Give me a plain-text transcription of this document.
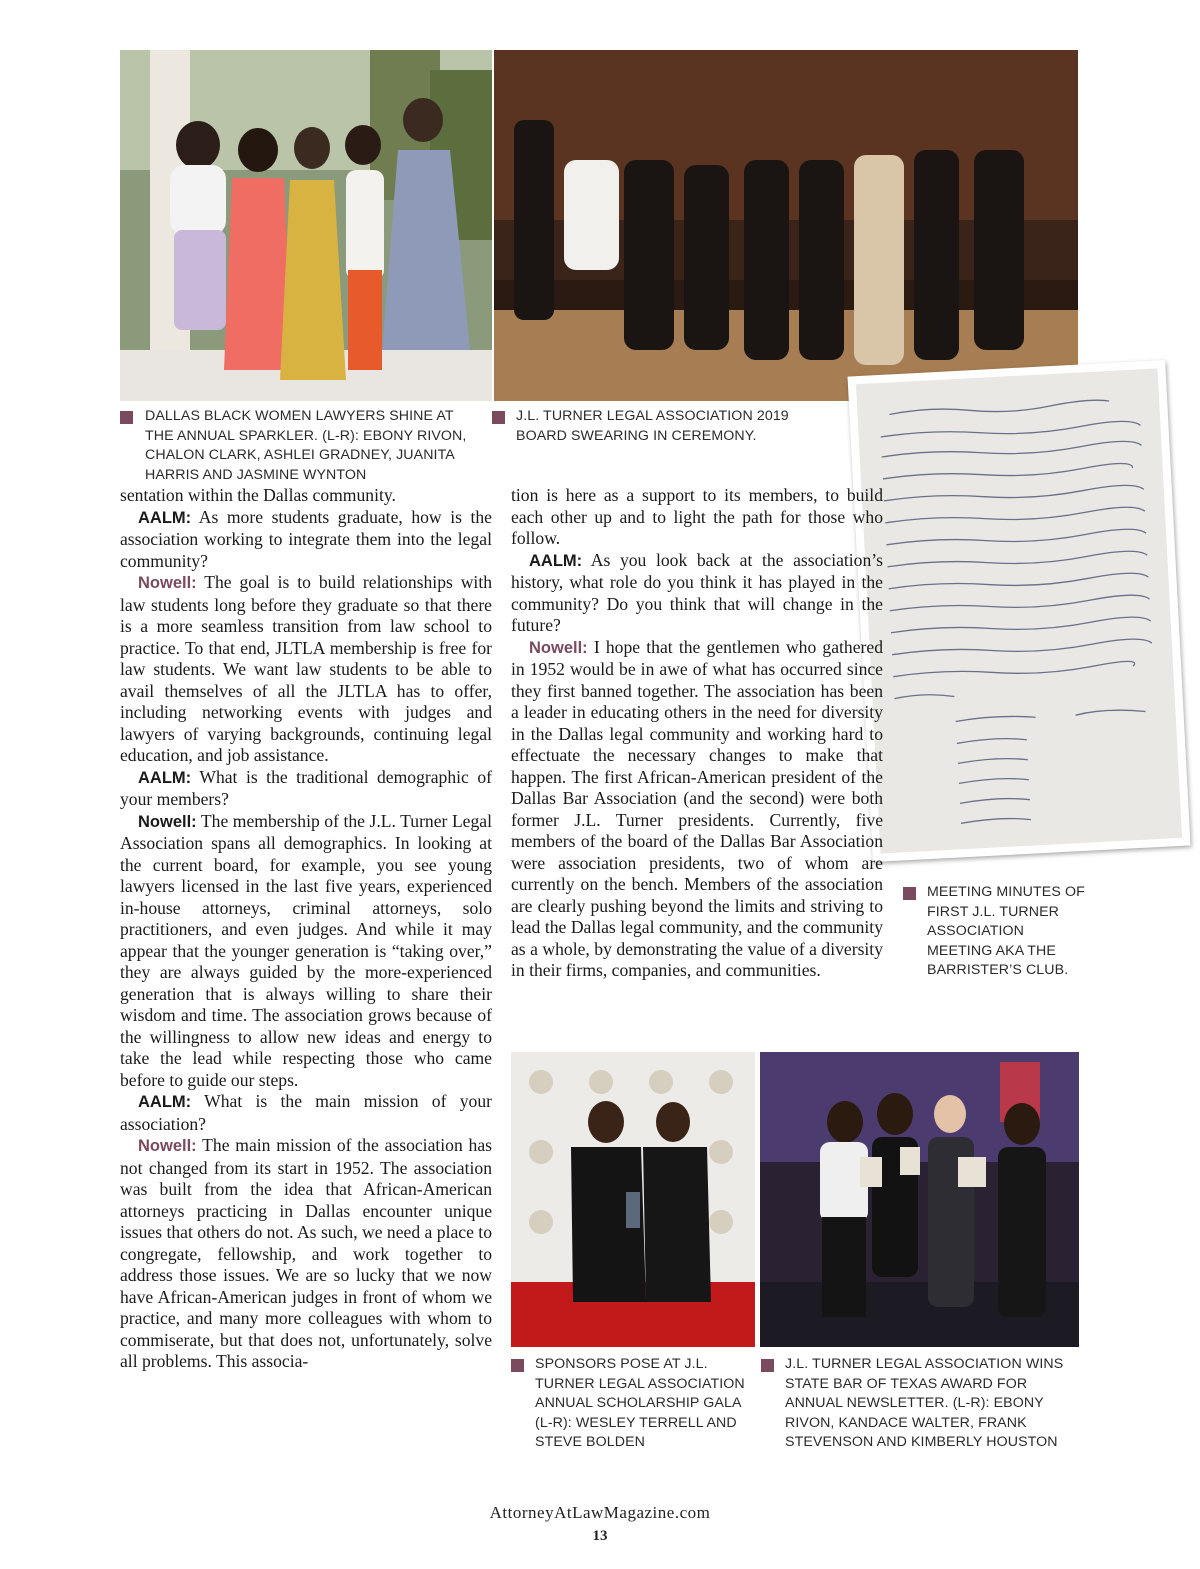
DALLAS BLACK WOMEN LAWYERS SHINE AT THE ANNUAL SPARKLER. (L-R): EBONY RIVON, CHALON CLARK, ASHLEI GRADNEY, JUANITA HARRIS AND JASMINE WYNTON
J.L. TURNER LEGAL ASSOCIATION 2019 BOARD SWEARING IN CEREMONY.
MEETING MINUTES OF FIRST J.L. TURNER ASSOCIATION MEETING AKA THE BARRISTER’S CLUB.

sentation within the Dallas community.

AALM: As more students graduate, how is the association working to integrate them into the legal community?

Nowell: The goal is to build relationships with law students long before they graduate so that there is a more seamless transition from law school to practice. To that end, JLTLA membership is free for law students. We want law students to be able to avail themselves of all the JLTLA has to offer, including networking events with judges and lawyers of varying backgrounds, continuing legal education, and job assistance.

AALM: What is the traditional demographic of your members?

Nowell: The membership of the J.L. Turner Legal Association spans all demographics. In looking at the current board, for example, you see young lawyers licensed in the last five years, experienced in-house attorneys, criminal attorneys, solo practitioners, and even judges. And while it may appear that the younger generation is “taking over,” they are always guided by the more-experienced generation that is always willing to share their wisdom and time. The association grows because of the willingness to allow new ideas and energy to take the lead while respecting those who came before to guide our steps.

AALM: What is the main mission of your association?

Nowell: The main mission of the association has not changed from its start in 1952. The association was built from the idea that African-American attorneys practicing in Dallas encounter unique issues that others do not. As such, we need a place to congregate, fellowship, and work together to address those issues. We are so lucky that we now have African-American judges in front of whom we practice, and many more colleagues with whom to commiserate, but that does not, unfortunately, solve all problems. This associa-

tion is here as a support to its members, to build each other up and to light the path for those who follow.

AALM: As you look back at the association’s history, what role do you think it has played in the community? Do you think that will change in the future?

Nowell: I hope that the gentlemen who gathered in 1952 would be in awe of what has occurred since they first banned together. The association has been a leader in educating others in the need for diversity in the Dallas legal community and working hard to effectuate the necessary changes to make that happen. The first African-American president of the Dallas Bar Association (and the second) were both former J.L. Turner presidents. Currently, five members of the board of the Dallas Bar Association were association presidents, two of whom are currently on the bench. Members of the association are clearly pushing beyond the limits and striving to lead the Dallas legal community, and the community as a whole, by demonstrating the value of a diversity in their firms, companies, and communities.

SPONSORS POSE AT J.L. TURNER LEGAL ASSOCIATION ANNUAL SCHOLARSHIP GALA (L-R): WESLEY TERRELL AND STEVE BOLDEN
J.L. TURNER LEGAL ASSOCIATION WINS STATE BAR OF TEXAS AWARD FOR ANNUAL NEWSLETTER. (L-R): EBONY RIVON, KANDACE WALTER, FRANK STEVENSON AND KIMBERLY HOUSTON
AttorneyAtLawMagazine.com
13
